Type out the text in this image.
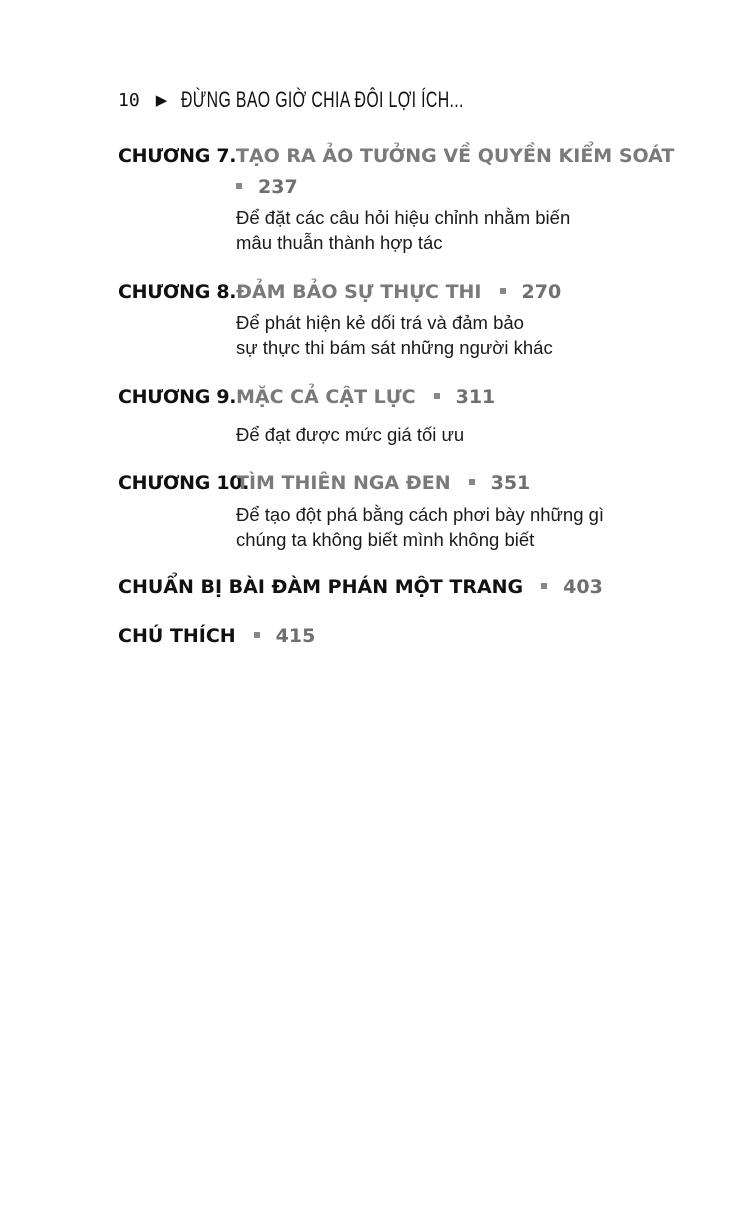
10 ▶ ĐỪNG BAO GIỜ CHIA ĐÔI LỢI ÍCH...
CHƯƠNG 7.TẠO RA ẢO TƯỞNG VỀ QUYỀN KIỂM SOÁT
237
Để đặt các câu hỏi hiệu chỉnh nhằm biến
mâu thuẫn thành hợp tác
CHƯƠNG 8.ĐẢM BẢO SỰ THỰC THI 270
Để phát hiện kẻ dối trá và đảm bảo
sự thực thi bám sát những người khác
CHƯƠNG 9.MẶC CẢ CẬT LỰC 311
Để đạt được mức giá tối ưu
CHƯƠNG 10.TÌM THIÊN NGA ĐEN 351
Để tạo đột phá bằng cách phơi bày những gì
chúng ta không biết mình không biết
CHUẨN BỊ BÀI ĐÀM PHÁN MỘT TRANG 403
CHÚ THÍCH 415
